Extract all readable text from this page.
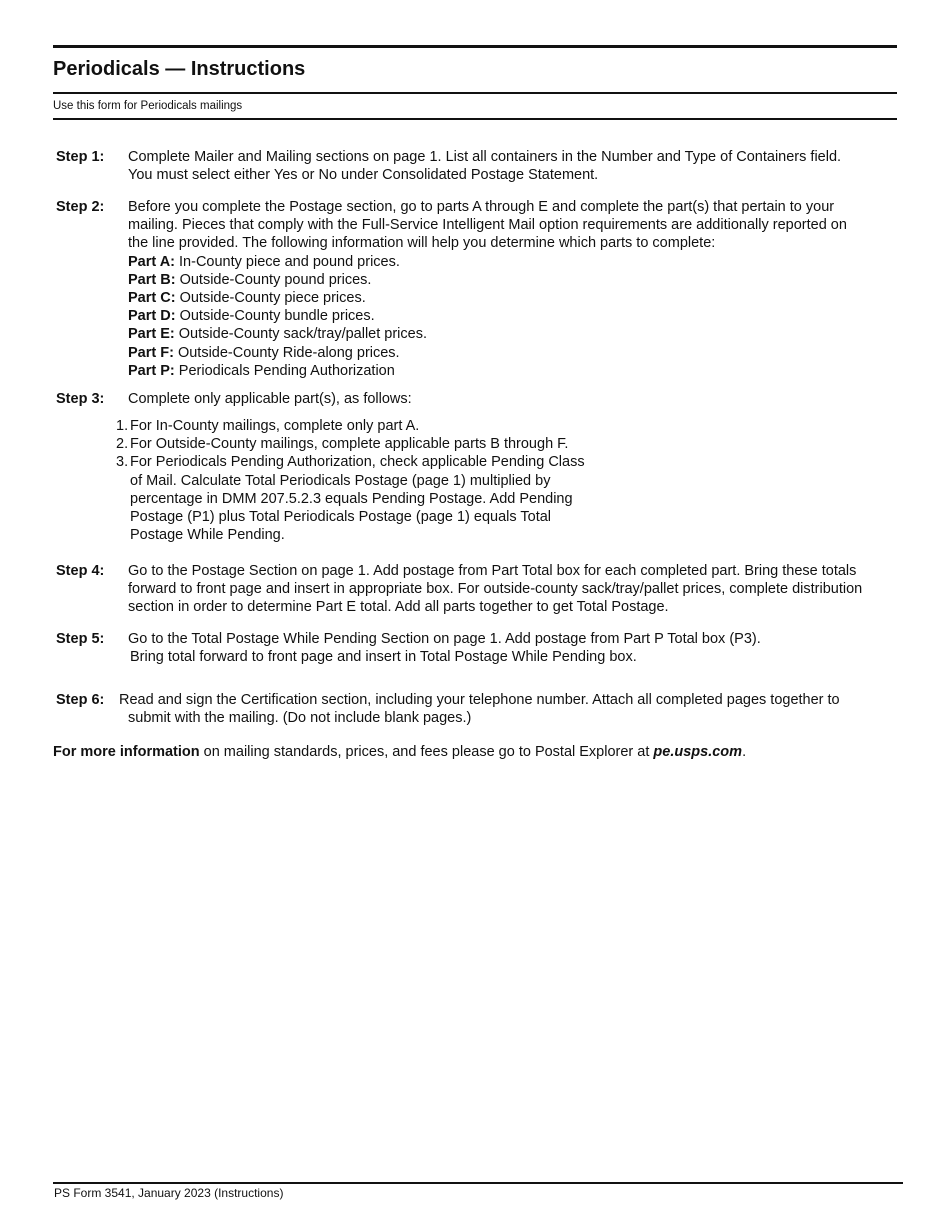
Periodicals — Instructions
Use this form for Periodicals mailings
Step 1: Complete Mailer and Mailing sections on page 1. List all containers in the Number and Type of Containers field.
You must select either Yes or No under Consolidated Postage Statement.
Step 2: Before you complete the Postage section, go to parts A through E and complete the part(s) that pertain to your
mailing. Pieces that comply with the Full-Service Intelligent Mail option requirements are additionally reported on
the line provided. The following information will help you determine which parts to complete:
Part A: In-County piece and pound prices.
Part B: Outside-County pound prices.
Part C: Outside-County piece prices.
Part D: Outside-County bundle prices.
Part E: Outside-County sack/tray/pallet prices.
Part F: Outside-County Ride-along prices.
Part P: Periodicals Pending Authorization
Step 3: Complete only applicable part(s), as follows:
1. For In-County mailings, complete only part A.
2. For Outside-County mailings, complete applicable parts B through F.
3. For Periodicals Pending Authorization, check applicable Pending Class
of Mail. Calculate Total Periodicals Postage (page 1) multiplied by
percentage in DMM 207.5.2.3 equals Pending Postage. Add Pending
Postage (P1) plus Total Periodicals Postage (page 1) equals Total
Postage While Pending.
Step 4: Go to the Postage Section on page 1. Add postage from Part Total box for each completed part. Bring these totals
forward to front page and insert in appropriate box. For outside-county sack/tray/pallet prices, complete distribution
section in order to determine Part E total. Add all parts together to get Total Postage.
Step 5: Go to the Total Postage While Pending Section on page 1. Add postage from Part P Total box (P3).
Bring total forward to front page and insert in Total Postage While Pending box.
Step 6: Read and sign the Certification section, including your telephone number. Attach all completed pages together to
submit with the mailing. (Do not include blank pages.)
For more information on mailing standards, prices, and fees please go to Postal Explorer at pe.usps.com.
PS Form 3541, January 2023 (Instructions)
